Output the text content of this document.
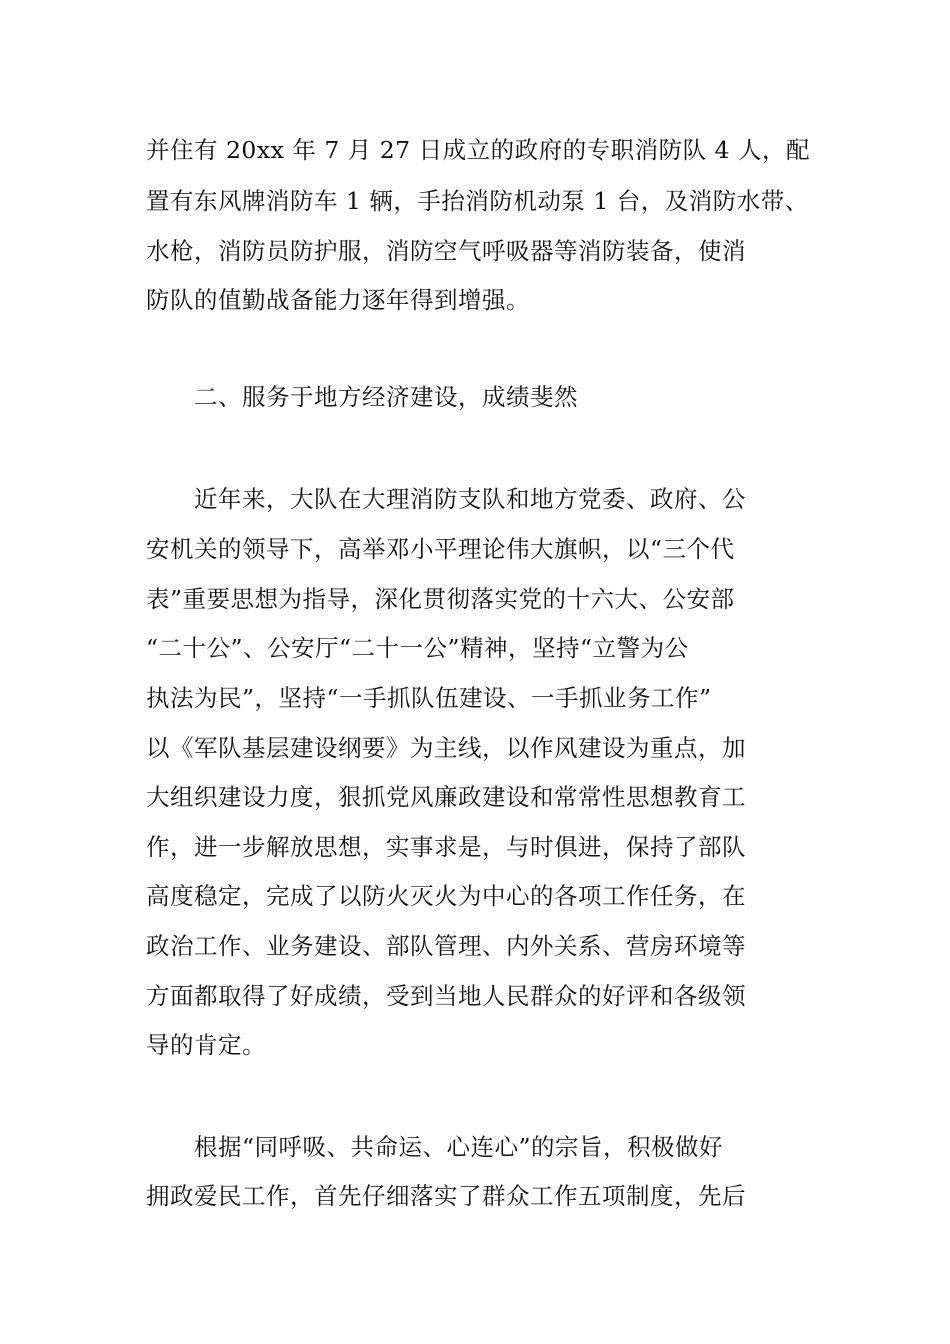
并住有 20xx 年 7 月 27 日成立的政府的专职消防队 4 人，配
置有东风牌消防车 1 辆，手抬消防机动泵 1 台，及消防水带、
水枪，消防员防护服，消防空气呼吸器等消防装备，使消
防队的值勤战备能力逐年得到增强。
二、服务于地方经济建设，成绩斐然
近年来，大队在大理消防支队和地方党委、政府、公
安机关的领导下，高举邓小平理论伟大旗帜，以“三个代
表”重要思想为指导，深化贯彻落实党的十六大、公安部
“二十公”、公安厅“二十一公”精神，坚持“立警为公
执法为民”，坚持“一手抓队伍建设、一手抓业务工作”
以《军队基层建设纲要》为主线，以作风建设为重点，加
大组织建设力度，狠抓党风廉政建设和常常性思想教育工
作，进一步解放思想，实事求是，与时俱进，保持了部队
高度稳定，完成了以防火灭火为中心的各项工作任务，在
政治工作、业务建设、部队管理、内外关系、营房环境等
方面都取得了好成绩，受到当地人民群众的好评和各级领
导的肯定。
根据“同呼吸、共命运、心连心”的宗旨，积极做好
拥政爱民工作，首先仔细落实了群众工作五项制度，先后
